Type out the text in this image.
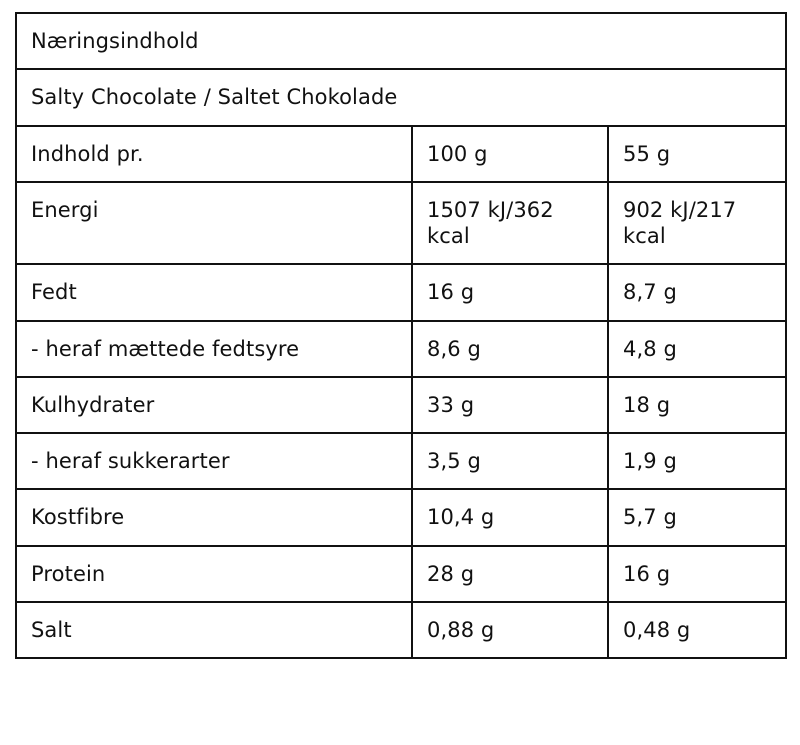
Næringsindhold		
Salty Chocolate / Saltet Chokolade		
Indhold pr.	100 g	55 g
Energi	1507 kJ/362 kcal	902 kJ/217 kcal
Fedt	16 g	8,7 g
- heraf mættede fedtsyre	8,6 g	4,8 g
Kulhydrater	33 g	18 g
- heraf sukkerarter	3,5 g	1,9 g
Kostfibre	10,4 g	5,7 g
Protein	28 g	16 g
Salt	0,88 g	0,48 g
